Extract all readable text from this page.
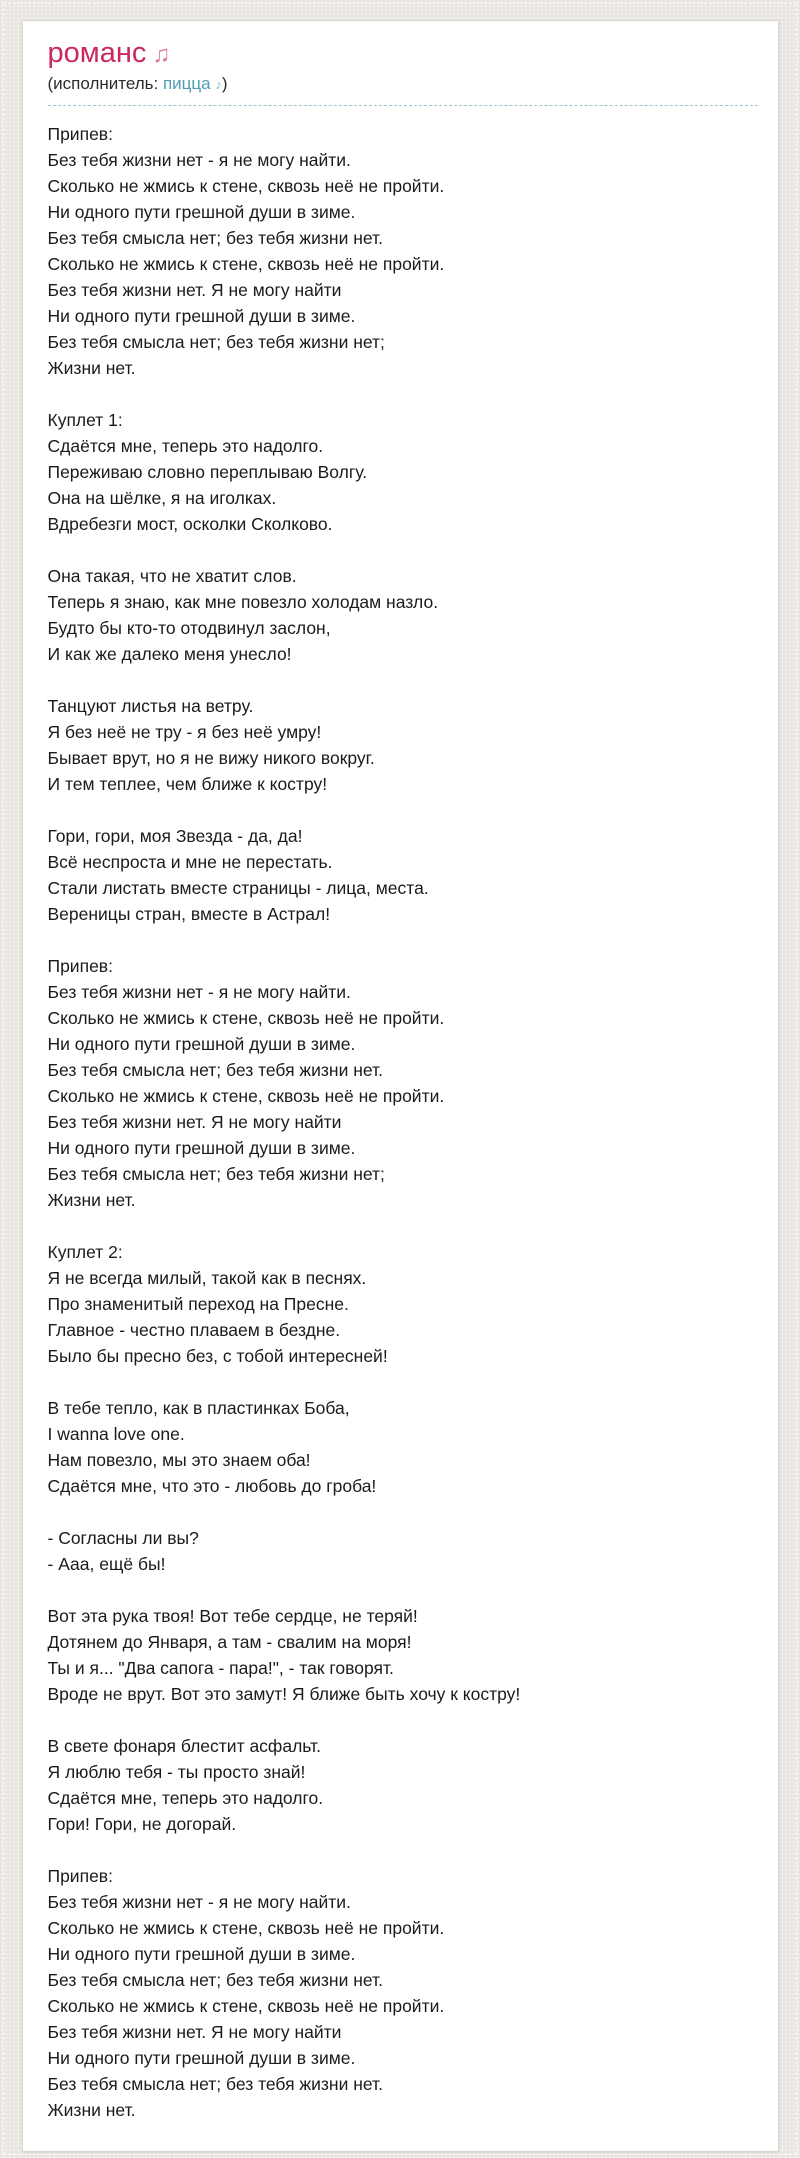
романс ♫
(исполнитель: пицца ♪)
Припев:
Без тебя жизни нет - я не могу найти.
Сколько не жмись к стене, сквозь неё не пройти.
Ни одного пути грешной души в зиме.
Без тебя смысла нет; без тебя жизни нет.
Сколько не жмись к стене, сквозь неё не пройти.
Без тебя жизни нет. Я не могу найти
Ни одного пути грешной души в зиме.
Без тебя смысла нет; без тебя жизни нет;
Жизни нет.
Куплет 1:
Сдаётся мне, теперь это надолго.
Переживаю словно переплываю Волгу.
Она на шёлке, я на иголках.
Вдребезги мост, осколки Сколково.
Она такая, что не хватит слов.
Теперь я знаю, как мне повезло холодам назло.
Будто бы кто-то отодвинул заслон,
И как же далеко меня унесло!
Танцуют листья на ветру.
Я без неё не тру - я без неё умру!
Бывает врут, но я не вижу никого вокруг.
И тем теплее, чем ближе к костру!
Гори, гори, моя Звезда - да, да!
Всё неспроста и мне не перестать.
Стали листать вместе страницы - лица, места.
Вереницы стран, вместе в Астрал!
Припев:
Без тебя жизни нет - я не могу найти.
Сколько не жмись к стене, сквозь неё не пройти.
Ни одного пути грешной души в зиме.
Без тебя смысла нет; без тебя жизни нет.
Сколько не жмись к стене, сквозь неё не пройти.
Без тебя жизни нет. Я не могу найти
Ни одного пути грешной души в зиме.
Без тебя смысла нет; без тебя жизни нет;
Жизни нет.
Куплет 2:
Я не всегда милый, такой как в песнях.
Про знаменитый переход на Пресне.
Главное - честно плаваем в бездне.
Было бы пресно без, с тобой интересней!
В тебе тепло, как в пластинках Боба,
I wanna love one.
Нам повезло, мы это знаем оба!
Сдаётся мне, что это - любовь до гроба!
- Согласны ли вы?
- Ааа, ещё бы!
Вот эта рука твоя! Вот тебе сердце, не теряй!
Дотянем до Января, а там - свалим на моря!
Ты и я... "Два сапога - пара!", - так говорят.
Вроде не врут. Вот это замут! Я ближе быть хочу к костру!
В свете фонаря блестит асфальт.
Я люблю тебя - ты просто знай!
Сдаётся мне, теперь это надолго.
Гори! Гори, не догорай.
Припев:
Без тебя жизни нет - я не могу найти.
Сколько не жмись к стене, сквозь неё не пройти.
Ни одного пути грешной души в зиме.
Без тебя смысла нет; без тебя жизни нет.
Сколько не жмись к стене, сквозь неё не пройти.
Без тебя жизни нет. Я не могу найти
Ни одного пути грешной души в зиме.
Без тебя смысла нет; без тебя жизни нет.
Жизни нет.
